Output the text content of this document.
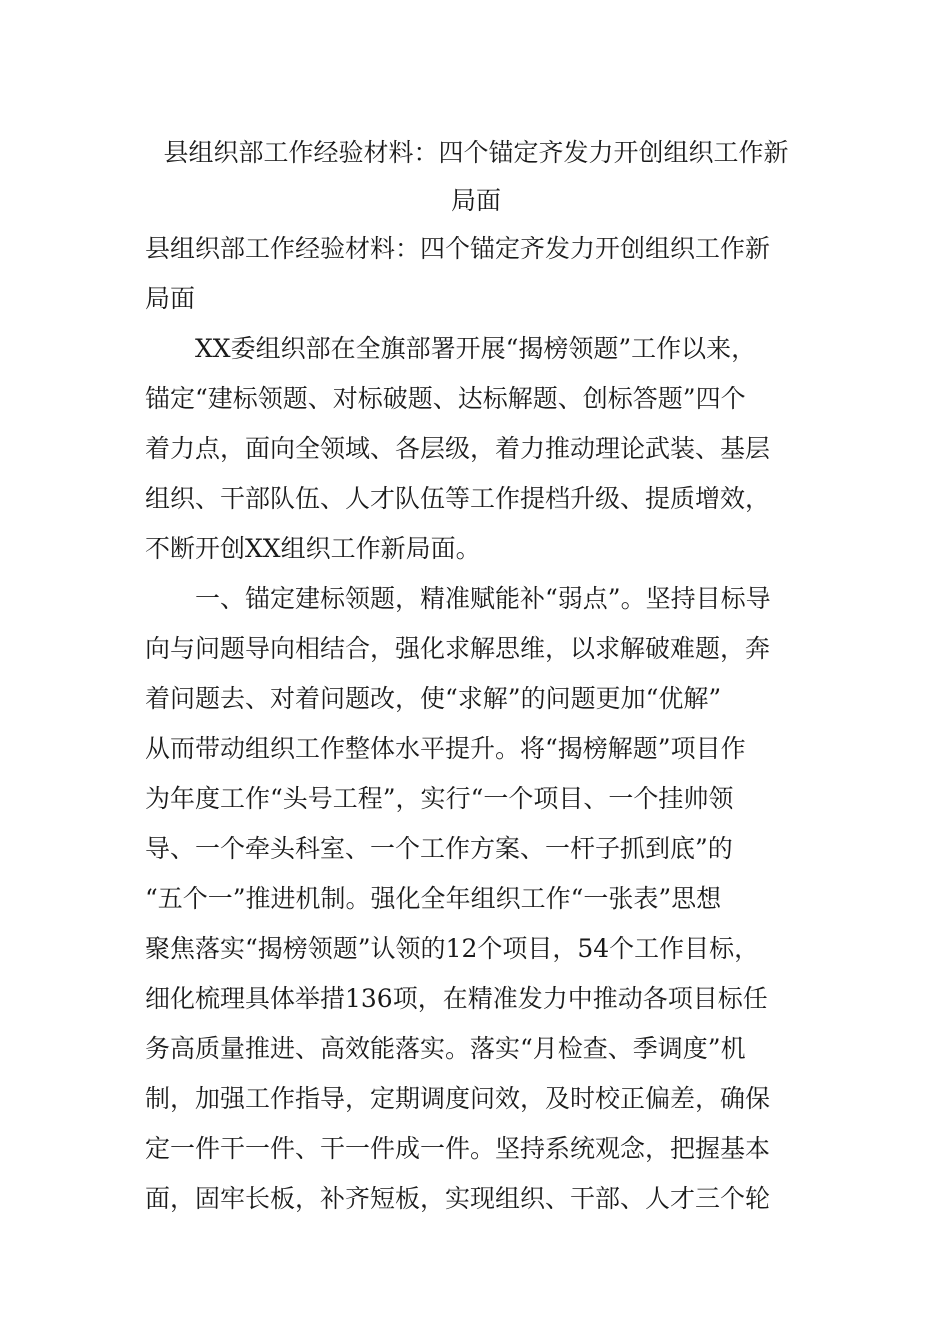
县组织部工作经验材料：四个锚定齐发力开创组织工作新
局面

县组织部工作经验材料：四个锚定齐发力开创组织工作新

局面

　　XX委组织部在全旗部署开展“揭榜领题”工作以来，

锚定“建标领题、对标破题、达标解题、创标答题”四个

着力点，面向全领域、各层级，着力推动理论武装、基层

组织、干部队伍、人才队伍等工作提档升级、提质增效，

不断开创XX组织工作新局面。

　　一、锚定建标领题，精准赋能补“弱点”。坚持目标导

向与问题导向相结合，强化求解思维，以求解破难题，奔

着问题去、对着问题改，使“求解”的问题更加“优解”

从而带动组织工作整体水平提升。将“揭榜解题”项目作

为年度工作“头号工程”，实行“一个项目、一个挂帅领

导、一个牵头科室、一个工作方案、一杆子抓到底”的

“五个一”推进机制。强化全年组织工作“一张表”思想

聚焦落实“揭榜领题”认领的12个项目，54个工作目标，

细化梳理具体举措136项，在精准发力中推动各项目标任

务高质量推进、高效能落实。落实“月检查、季调度”机

制，加强工作指导，定期调度问效，及时校正偏差，确保

定一件干一件、干一件成一件。坚持系统观念，把握基本

面，固牢长板，补齐短板，实现组织、干部、人才三个轮
